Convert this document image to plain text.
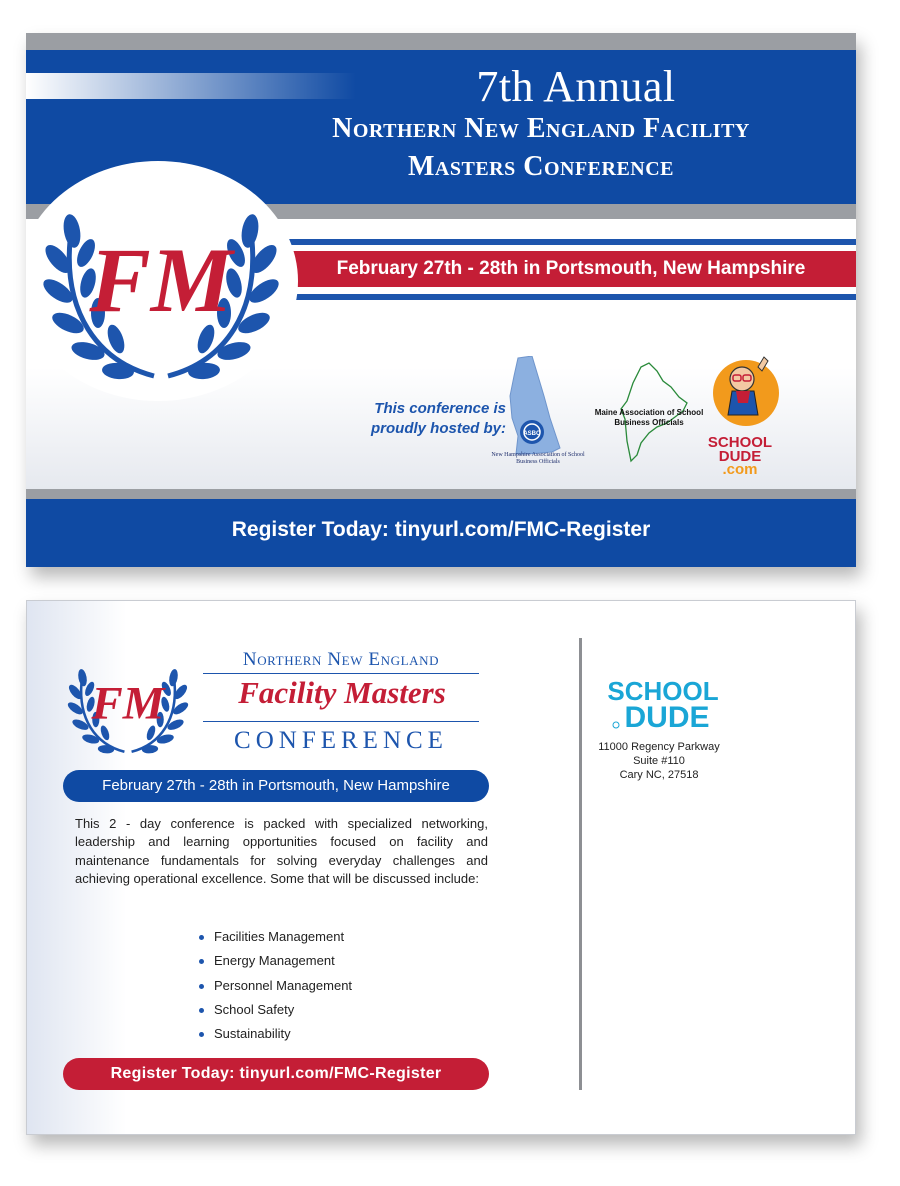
7th Annual
Northern New England Facility
Masters Conference
February 27th - 28th in Portsmouth, New Hampshire
FM
This conference is proudly hosted by:	ASBO
New Hampshire Association of School Business Officials
Maine Association of School Business Officials
SCHOOL
DUDE
.com
Register Today: tinyurl.com/FMC-Register
FM
Northern New England
Facility Masters
CONFERENCE
February 27th - 28th in Portsmouth, New Hampshire

This 2 - day conference is packed with specialized networking, leadership and learning opportunities focused on facility and maintenance fundamentals for solving everyday challenges and achieving operational excellence. Some that will be discussed include:

Facilities Management
Energy Management
Personnel Management
School Safety
Sustainability
Register Today: tinyurl.com/FMC-Register
SCHOOL
DUDE
11000 Regency Parkway
Suite #110
Cary NC, 27518
